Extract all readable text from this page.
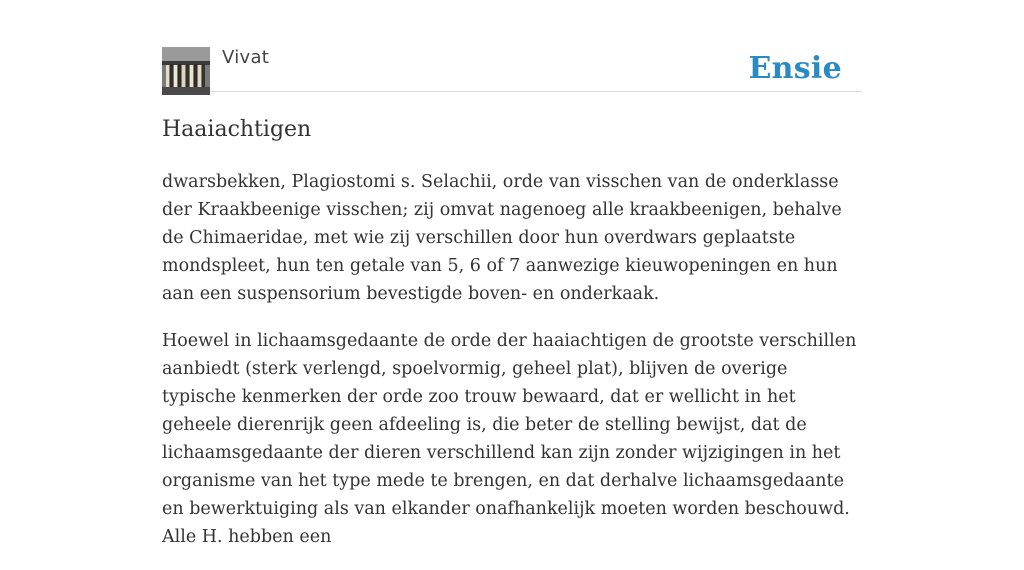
Vivat	Ensie
Haaiachtigen

dwarsbekken, Plagiostomi s. Selachii, orde van visschen van de onderklasse der Kraakbeenige visschen; zij omvat nagenoeg alle kraakbeenigen, behalve de Chimaeridae, met wie zij verschillen door hun overdwars geplaatste mondspleet, hun ten getale van 5, 6 of 7 aanwezige kieuwopeningen en hun aan een suspensorium bevestigde boven- en onderkaak.

Hoewel in lichaamsgedaante de orde der haaiachtigen de grootste verschillen aanbiedt (sterk verlengd, spoelvormig, geheel plat), blijven de overige typische kenmerken der orde zoo trouw bewaard, dat er wellicht in het geheele dierenrijk geen afdeeling is, die beter de stelling bewijst, dat de lichaamsgedaante der dieren verschillend kan zijn zonder wijzigingen in het organisme van het type mede te brengen, en dat derhalve lichaamsgedaante en bewerktuiging als van elkander onafhankelijk moeten worden beschouwd. Alle H. hebben een
